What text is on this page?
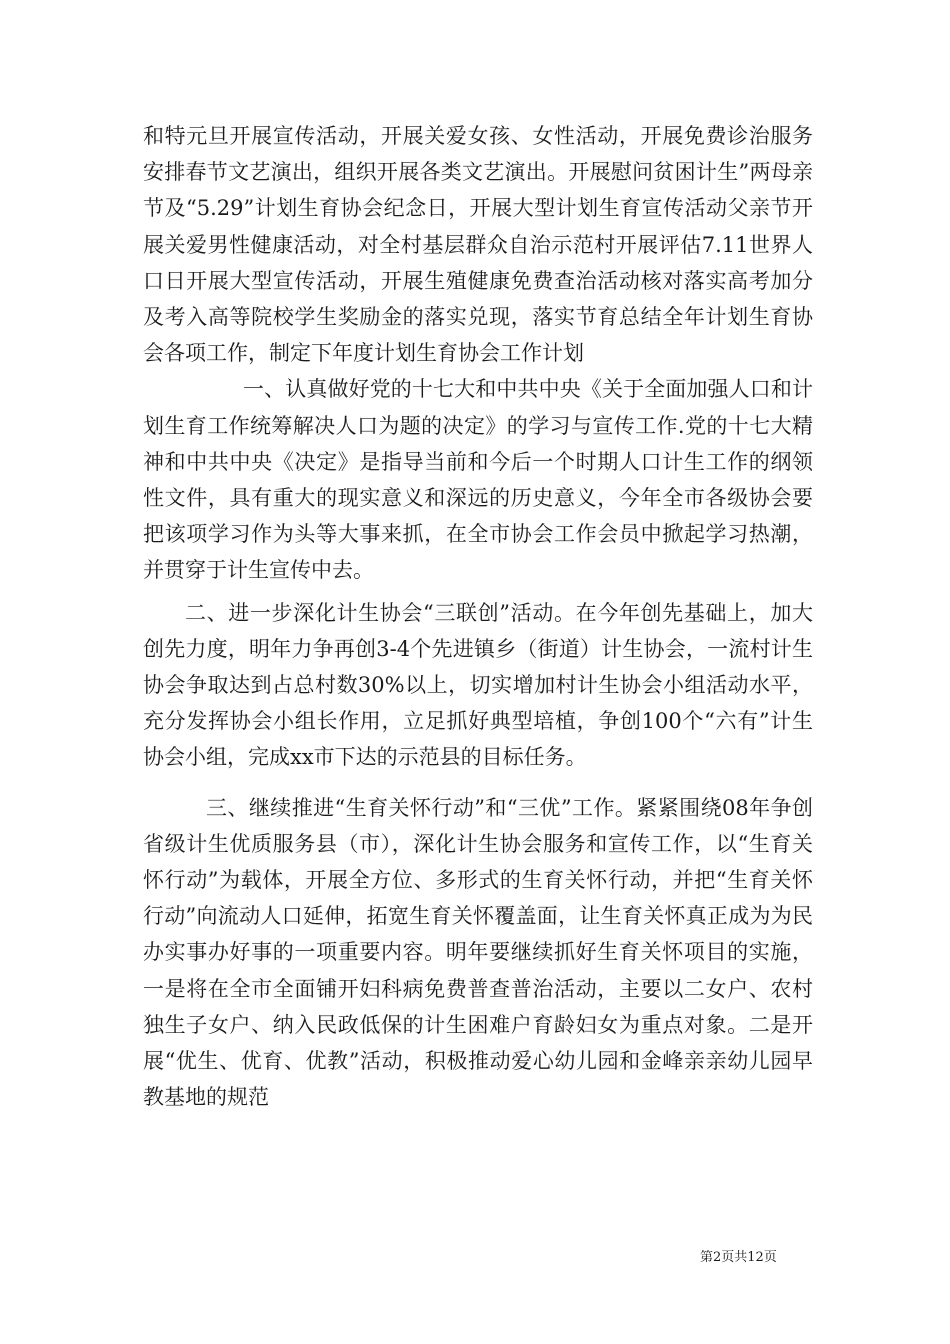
和特元旦开展宣传活动，开展关爱女孩、女性活动，开展免费诊治服务安排春节文艺演出，组织开展各类文艺演出。开展慰问贫困计生”两母亲节及“5.29”计划生育协会纪念日，开展大型计划生育宣传活动父亲节开展关爱男性健康活动，对全村基层群众自治示范村开展评估7.11世界人口日开展大型宣传活动，开展生殖健康免费查治活动核对落实高考加分及考入高等院校学生奖励金的落实兑现，落实节育总结全年计划生育协会各项工作，制定下年度计划生育协会工作计划

一、认真做好党的十七大和中共中央《关于全面加强人口和计划生育工作统筹解决人口为题的决定》的学习与宣传工作.党的十七大精神和中共中央《决定》是指导当前和今后一个时期人口计生工作的纲领性文件，具有重大的现实意义和深远的历史意义，今年全市各级协会要把该项学习作为头等大事来抓，在全市协会工作会员中掀起学习热潮，并贯穿于计生宣传中去。

二、进一步深化计生协会“三联创”活动。在今年创先基础上，加大创先力度，明年力争再创3-4个先进镇乡（街道）计生协会，一流村计生协会争取达到占总村数30%以上，切实增加村计生协会小组活动水平，充分发挥协会小组长作用，立足抓好典型培植，争创100个“六有”计生协会小组，完成xx市下达的示范县的目标任务。

三、继续推进“生育关怀行动”和“三优”工作。紧紧围绕08年争创省级计生优质服务县（市），深化计生协会服务和宣传工作，以“生育关怀行动”为载体，开展全方位、多形式的生育关怀行动，并把“生育关怀行动”向流动人口延伸，拓宽生育关怀覆盖面，让生育关怀真正成为为民办实事办好事的一项重要内容。明年要继续抓好生育关怀项目的实施，一是将在全市全面铺开妇科病免费普查普治活动，主要以二女户、农村独生子女户、纳入民政低保的计生困难户育龄妇女为重点对象。二是开展“优生、优育、优教”活动，积极推动爱心幼儿园和金峰亲亲幼儿园早教基地的规范

第2页共12页
